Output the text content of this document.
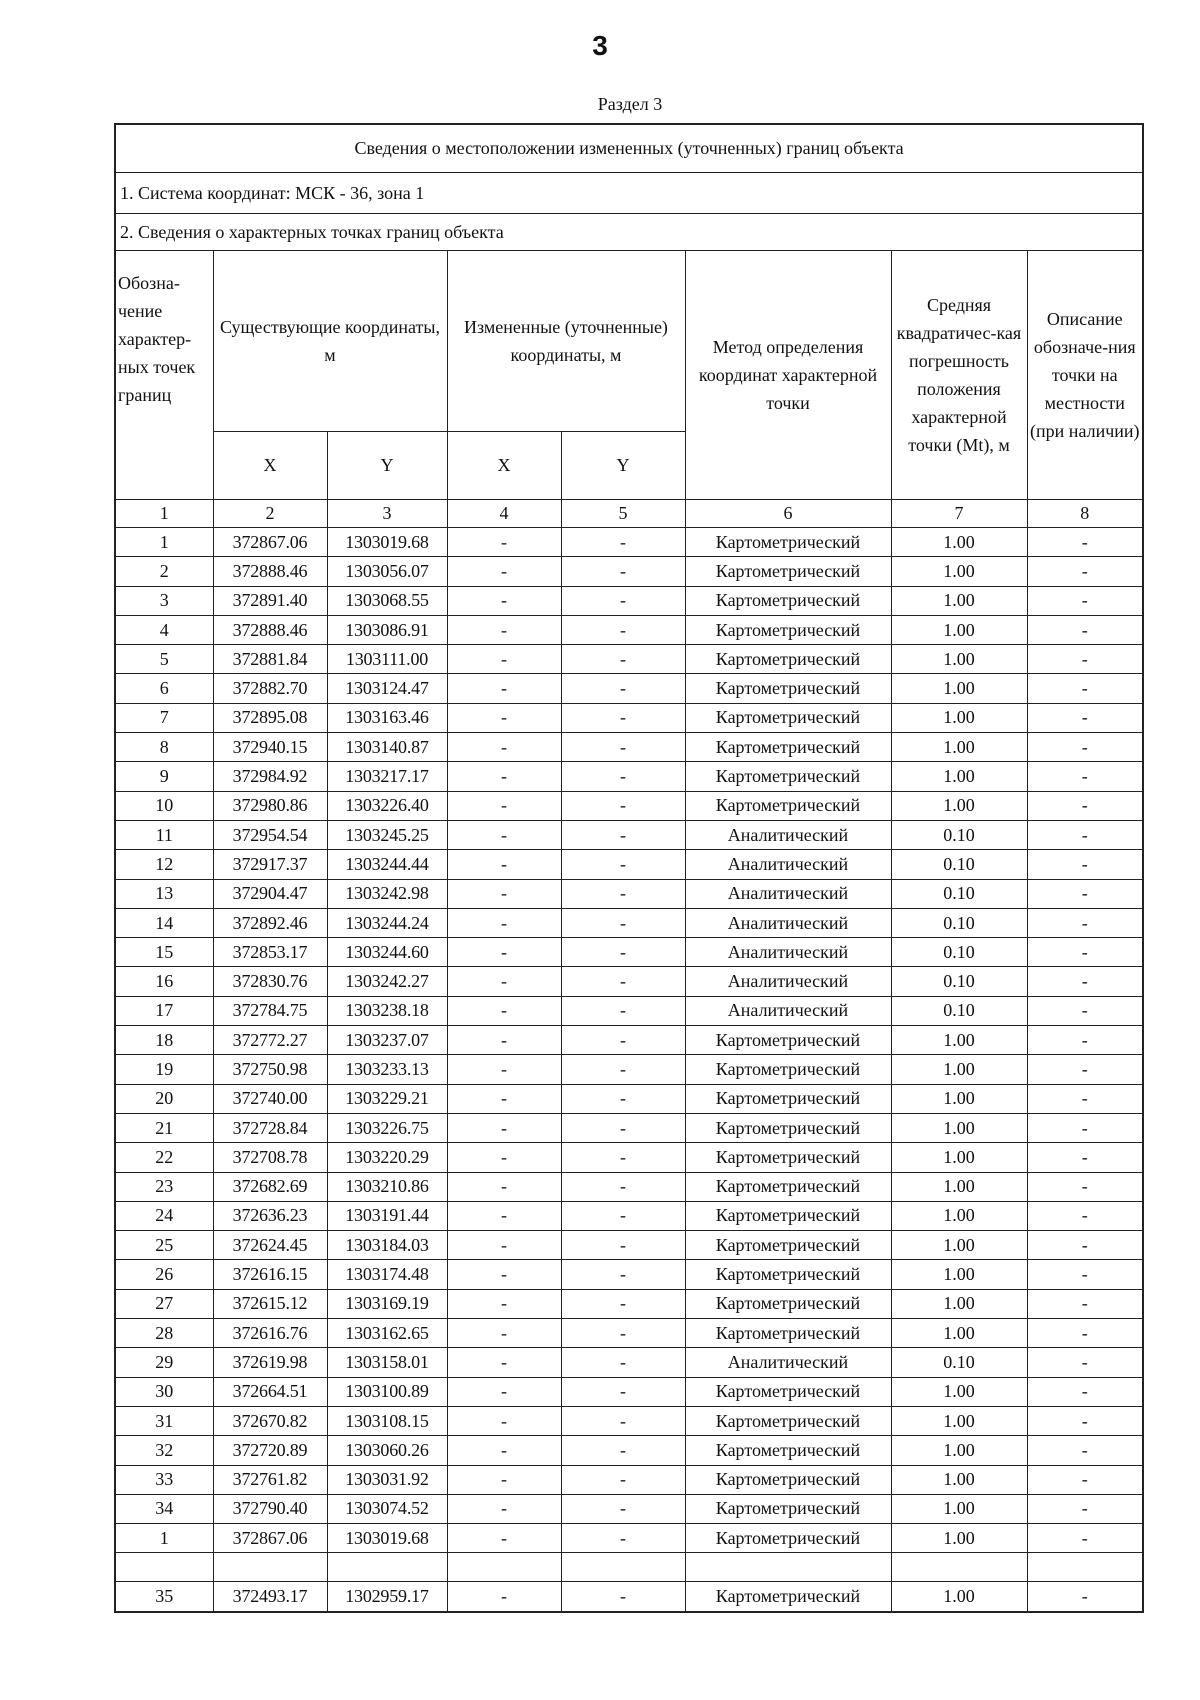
3
Раздел 3
Сведения о местоположении измененных (уточненных) границ объекта							
1. Система координат: МСК - 36, зона 1							
2. Сведения о характерных точках границ объекта							
Обозна-чение характер-ных точек границ	Существующие координаты, м		Измененные (уточненные) координаты, м		Метод определения координат характерной точки	Средняя квадратичес-кая погрешность положения характерной точки (Mt), м	Описание обозначе-ния точки на местности (при наличии)
	X	Y	X	Y			
1	2	3	4	5	6	7	8
1	372867.06	1303019.68	-	-	Картометрический	1.00	-
2	372888.46	1303056.07	-	-	Картометрический	1.00	-
3	372891.40	1303068.55	-	-	Картометрический	1.00	-
4	372888.46	1303086.91	-	-	Картометрический	1.00	-
5	372881.84	1303111.00	-	-	Картометрический	1.00	-
6	372882.70	1303124.47	-	-	Картометрический	1.00	-
7	372895.08	1303163.46	-	-	Картометрический	1.00	-
8	372940.15	1303140.87	-	-	Картометрический	1.00	-
9	372984.92	1303217.17	-	-	Картометрический	1.00	-
10	372980.86	1303226.40	-	-	Картометрический	1.00	-
11	372954.54	1303245.25	-	-	Аналитический	0.10	-
12	372917.37	1303244.44	-	-	Аналитический	0.10	-
13	372904.47	1303242.98	-	-	Аналитический	0.10	-
14	372892.46	1303244.24	-	-	Аналитический	0.10	-
15	372853.17	1303244.60	-	-	Аналитический	0.10	-
16	372830.76	1303242.27	-	-	Аналитический	0.10	-
17	372784.75	1303238.18	-	-	Аналитический	0.10	-
18	372772.27	1303237.07	-	-	Картометрический	1.00	-
19	372750.98	1303233.13	-	-	Картометрический	1.00	-
20	372740.00	1303229.21	-	-	Картометрический	1.00	-
21	372728.84	1303226.75	-	-	Картометрический	1.00	-
22	372708.78	1303220.29	-	-	Картометрический	1.00	-
23	372682.69	1303210.86	-	-	Картометрический	1.00	-
24	372636.23	1303191.44	-	-	Картометрический	1.00	-
25	372624.45	1303184.03	-	-	Картометрический	1.00	-
26	372616.15	1303174.48	-	-	Картометрический	1.00	-
27	372615.12	1303169.19	-	-	Картометрический	1.00	-
28	372616.76	1303162.65	-	-	Картометрический	1.00	-
29	372619.98	1303158.01	-	-	Аналитический	0.10	-
30	372664.51	1303100.89	-	-	Картометрический	1.00	-
31	372670.82	1303108.15	-	-	Картометрический	1.00	-
32	372720.89	1303060.26	-	-	Картометрический	1.00	-
33	372761.82	1303031.92	-	-	Картометрический	1.00	-
34	372790.40	1303074.52	-	-	Картометрический	1.00	-
1	372867.06	1303019.68	-	-	Картометрический	1.00	-

35	372493.17	1302959.17	-	-	Картометрический	1.00	-
